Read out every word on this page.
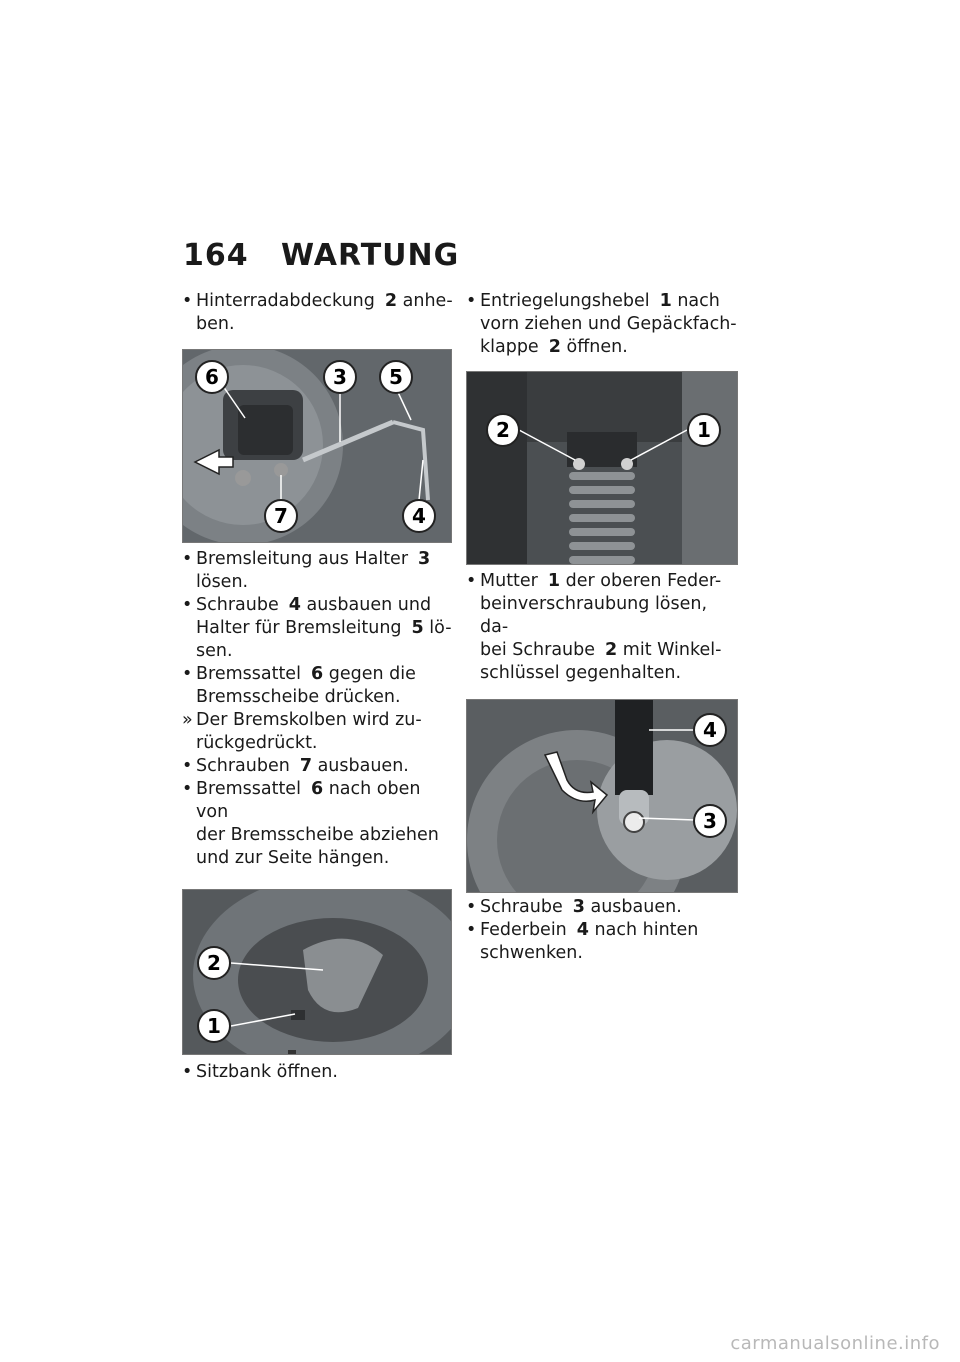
164 WARTUNG

• Hinterradabdeckung 2 anhe-
ben.

6	3 5
7	4

• Bremsleitung aus Halter 3
lösen.

• Schraube 4 ausbauen und
Halter für Bremsleitung 5 lö-
sen.

• Bremssattel 6 gegen die
Bremsscheibe drücken.

» Der Bremskolben wird zu-
rückgedrückt.

• Schrauben 7 ausbauen.

• Bremssattel 6 nach oben von
der Bremsscheibe abziehen
und zur Seite hängen.

2
1

• Sitzbank öffnen.

• Entriegelungshebel 1 nach
vorn ziehen und Gepäckfach-
klappe 2 öffnen.

2	1

• Mutter 1 der oberen Feder-
beinverschraubung lösen, da-
bei Schraube 2 mit Winkel-
schlüssel gegenhalten.

4
3

• Schraube 3 ausbauen.

• Federbein 4 nach hinten
schwenken.

carmanualsonline.info
